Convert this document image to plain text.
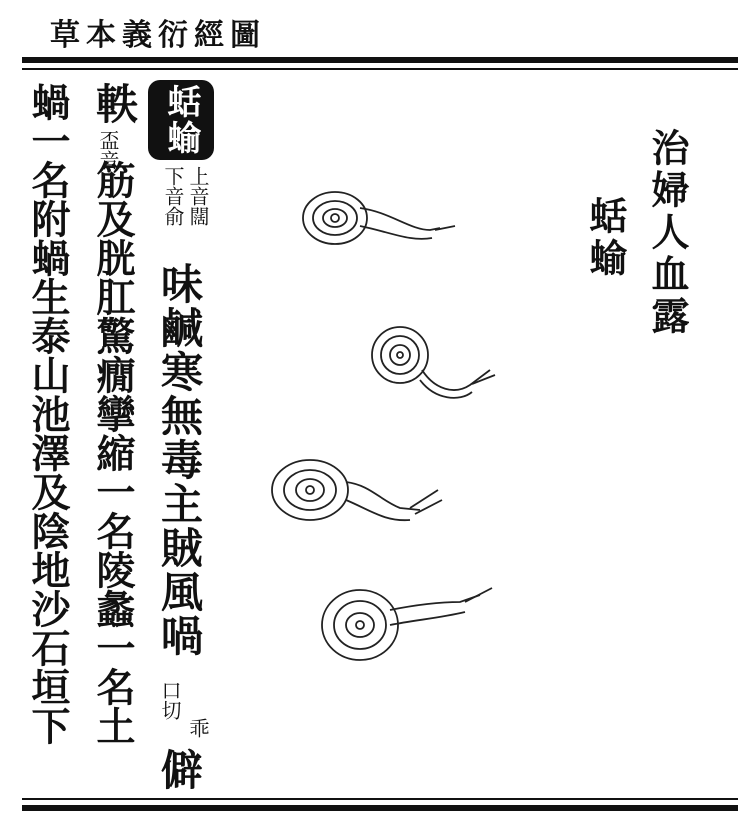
草本義衍經圖
治婦人血露
蛞蝓
蛞蝓
上音闊
下音俞
味鹹寒無毒主賊風喎
口切
乖
僻
軼
盃音
筋及胱肛驚癇攣縮一名陵蠡一名土
蝸一名附蝸生泰山池澤及陰地沙石垣下
